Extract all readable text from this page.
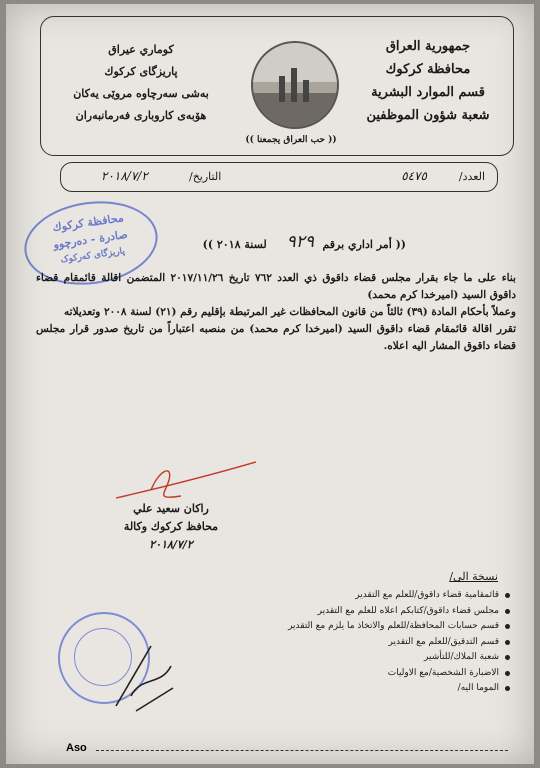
جمهورية العراق
محافظة كركوك
قسم الموارد البشرية
شعبة شؤون الموظفين
كوماري عيراق
پاريزگاى كركوك
بەشى سەرچاوه مروێی یەكان
هۆبەى كاروباری فەرمانبەران
(( حب العراق يجمعنا ))
العدد/
٥٤٧٥
التاريخ/
٢٠١٨/٧/٢
محافظة كركوك
صادرة - دەرچوو
پاریزگای کەرکوک
(( أمر اداري برقم  لسنة ٢٠١٨ ))	٩٢٩

بناء على ما جاء بقرار مجلس قضاء داقوق ذي العدد ٧٦٢ تاريخ ٢٠١٧/١١/٢٦ المتضمن اقالة قائمقام قضاء داقوق السيد (اميرخدا كرم محمد)

وعملاً بأحكام المادة (٣٩) ثالثاً من قانون المحافظات غير المرتبطة بإقليم رقم (٢١) لسنة ٢٠٠٨ وتعديلاته

تقرر اقالة قائمقام قضاء داقوق السيد (اميرخدا كرم محمد) من منصبه اعتباراً من تاريخ صدور قرار مجلس قضاء داقوق المشار اليه اعلاه.

راكان سعيد علي
محافظ كركوك وكالة
٢٠١٨/٧/٢
نسخة الى/
قائمقامية قضاء داقوق/للعلم مع التقدير
مجلس قضاء داقوق/كتابكم اعلاه للعلم مع التقدير
قسم حسابات المحافظة/للعلم والاتخاذ ما يلزم مع التقدير
قسم التدقيق/للعلم مع التقدير
شعبة الملاك/للتأشير
الاضبارة الشخصية/مع الاوليات
الموما اليه/
Aso
